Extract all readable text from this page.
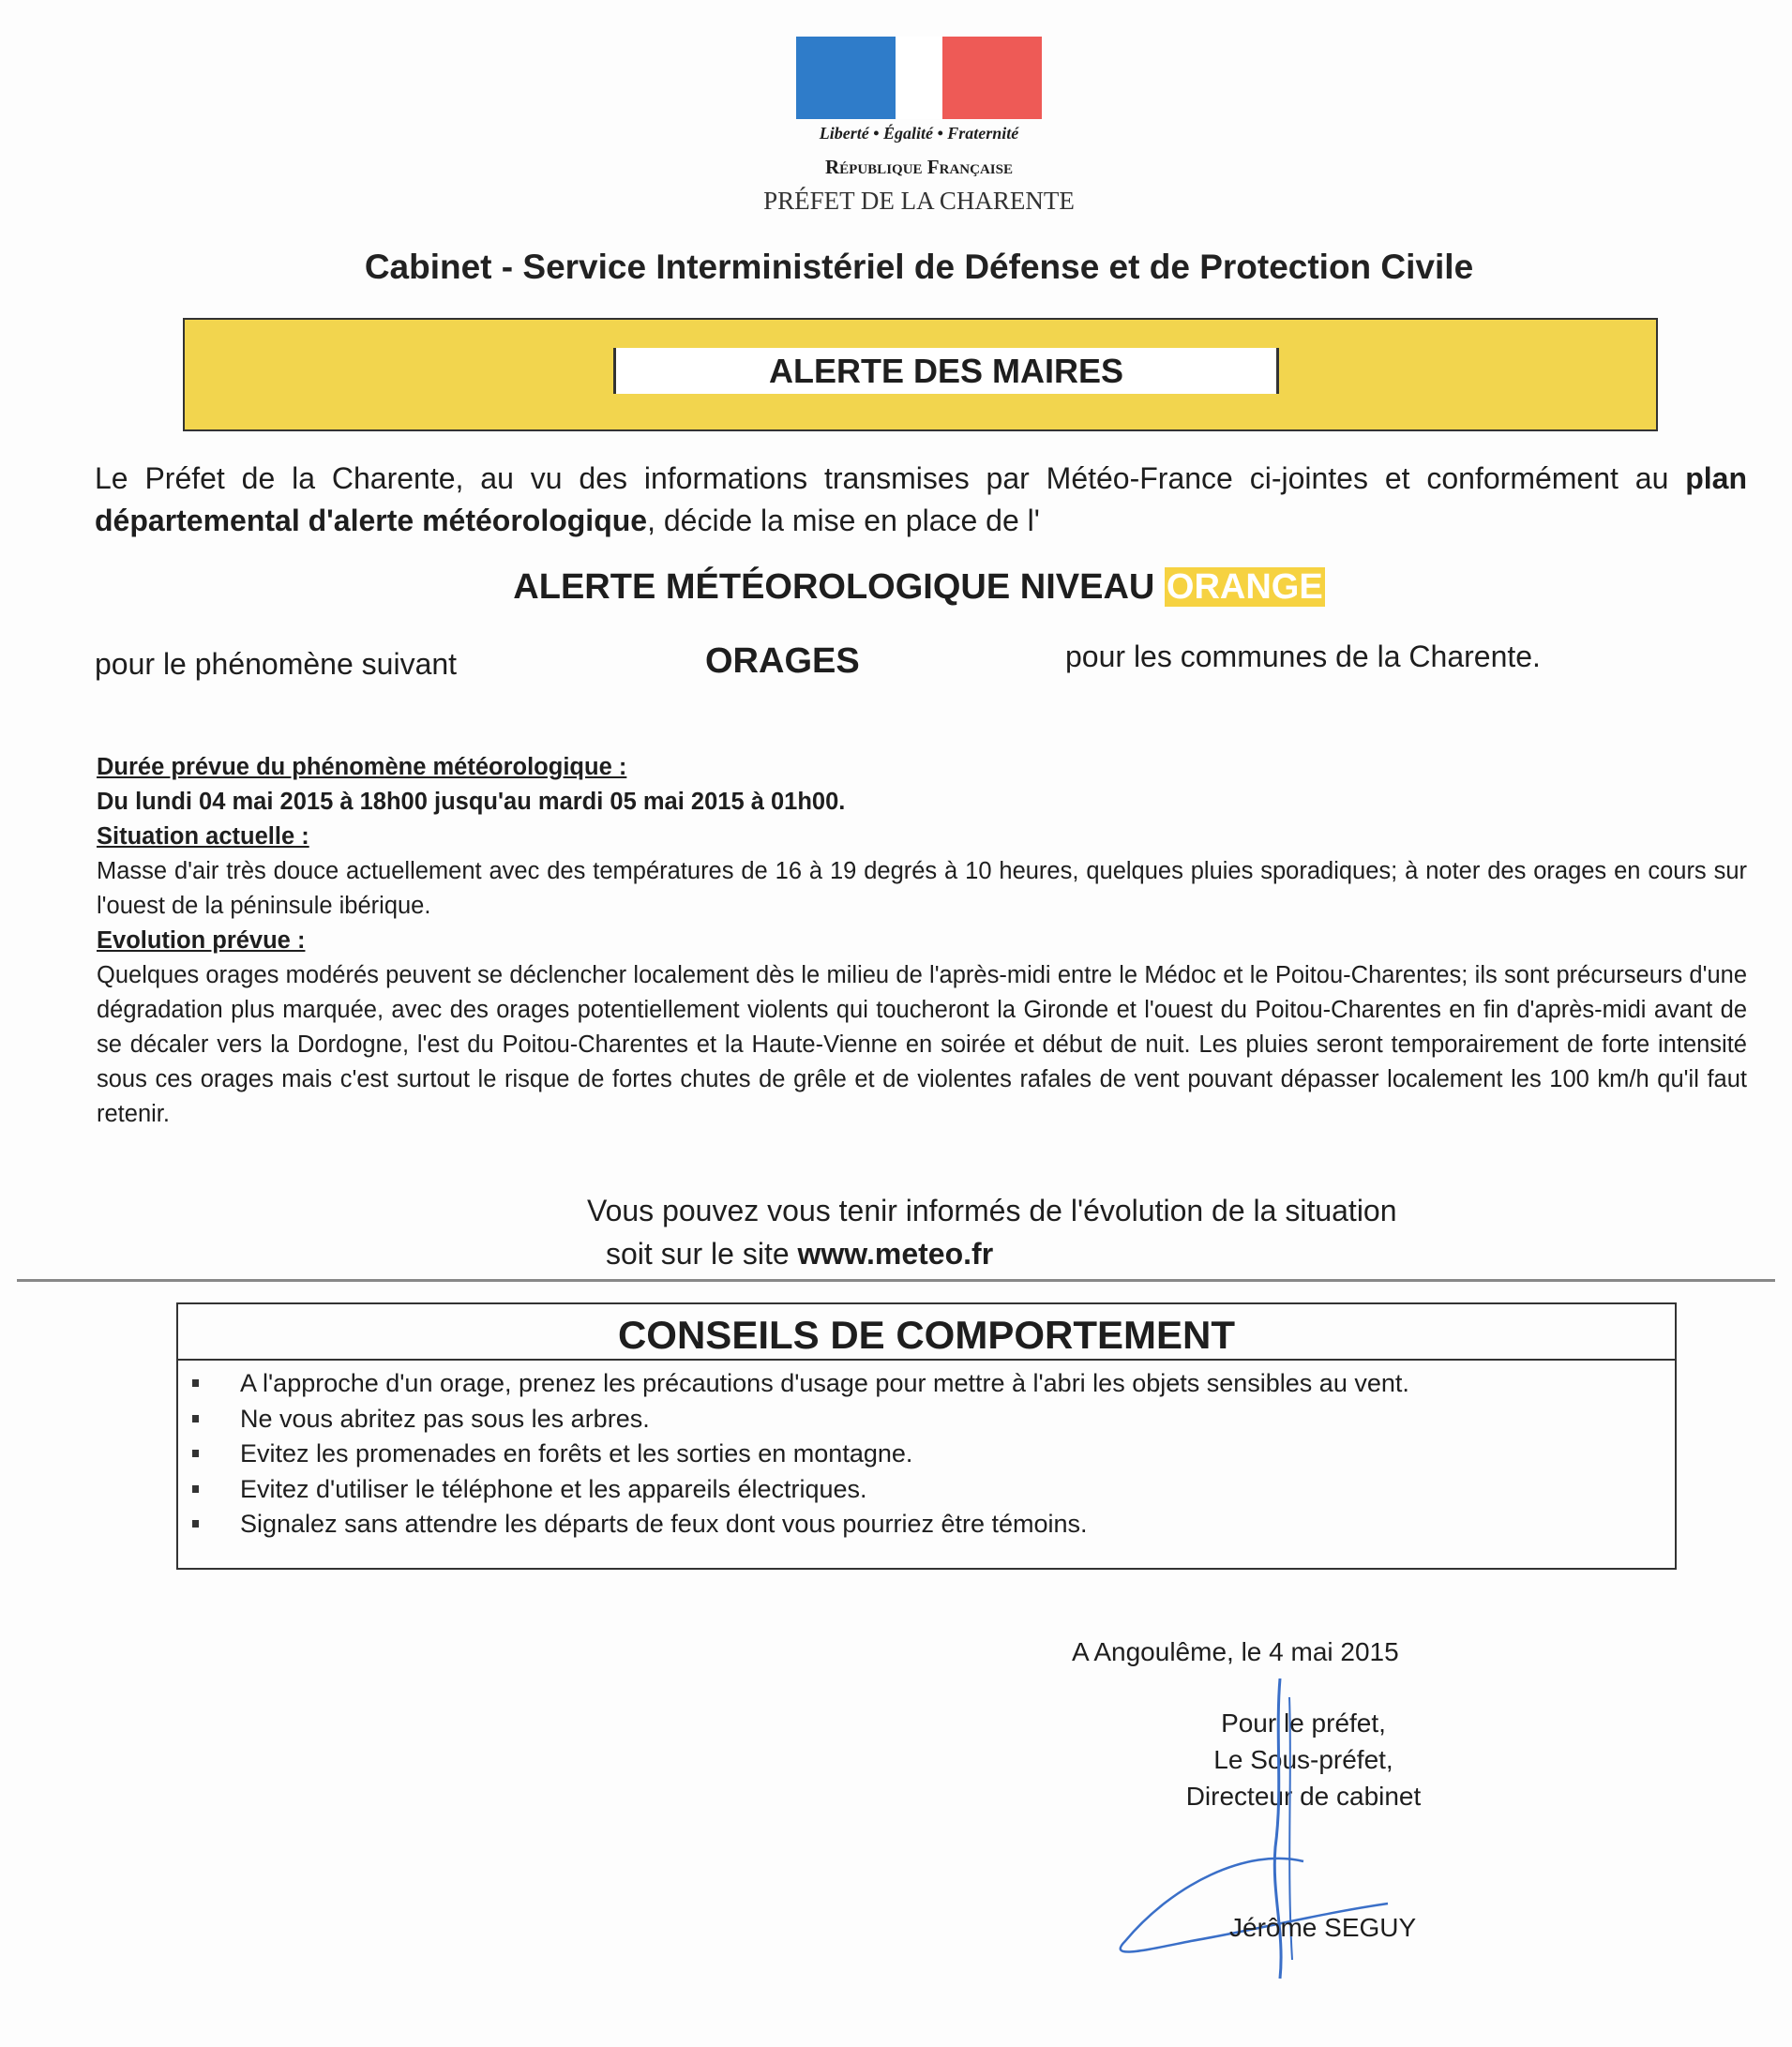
Liberté • Égalité • Fraternité
République Française
PRÉFET DE LA CHARENTE
Cabinet - Service Interministériel de Défense et de Protection Civile
ALERTE DES MAIRES
Le Préfet de la Charente, au vu des informations transmises par Météo-France ci-jointes et conformément au plan départemental d'alerte météorologique, décide la mise en place de l'
ALERTE MÉTÉOROLOGIQUE NIVEAU ORANGE
pour le phénomène suivant	ORAGES	pour les communes de la Charente.
Durée prévue du phénomène météorologique :
Du lundi 04 mai 2015 à 18h00 jusqu'au mardi 05 mai 2015 à 01h00.
Situation actuelle :
Masse d'air très douce actuellement avec des températures de 16 à 19 degrés à 10 heures, quelques pluies sporadiques; à noter des orages en cours sur l'ouest de la péninsule ibérique.
Evolution prévue :
Quelques orages modérés peuvent se déclencher localement dès le milieu de l'après-midi entre le Médoc et le Poitou-Charentes; ils sont précurseurs d'une dégradation plus marquée, avec des orages potentiellement violents qui toucheront la Gironde et l'ouest du Poitou-Charentes en fin d'après-midi avant de se décaler vers la Dordogne, l'est du Poitou-Charentes et la Haute-Vienne en soirée et début de nuit. Les pluies seront temporairement de forte intensité sous ces orages mais c'est surtout le risque de fortes chutes de grêle et de violentes rafales de vent pouvant dépasser localement les 100 km/h qu'il faut retenir.
Vous pouvez vous tenir informés de l'évolution de la situation
soit sur le site www.meteo.fr
CONSEILS DE COMPORTEMENT
A l'approche d'un orage, prenez les précautions d'usage pour mettre à l'abri les objets sensibles au vent.
Ne vous abritez pas sous les arbres.
Evitez les promenades en forêts et les sorties en montagne.
Evitez d'utiliser le téléphone et les appareils électriques.
Signalez sans attendre les départs de feux dont vous pourriez être témoins.
A Angoulême, le 4 mai 2015
Pour le préfet,
Le Sous-préfet,
Directeur de cabinet
Jérôme SEGUY
